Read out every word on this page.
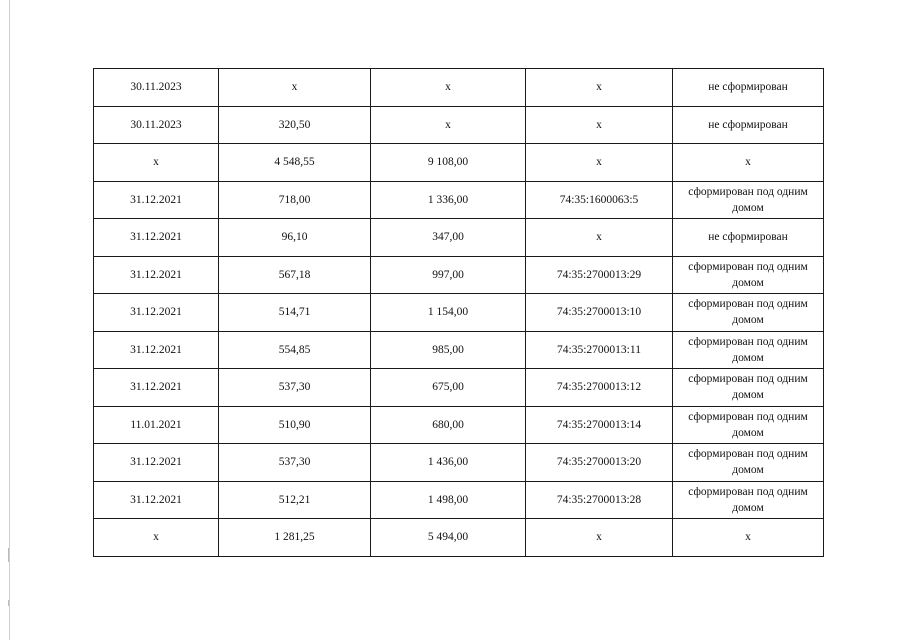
30.11.2023	x	x	x	не сформирован
30.11.2023	320,50	x	x	не сформирован
x	4 548,55	9 108,00	x	x
31.12.2021	718,00	1 336,00	74:35:1600063:5	сформирован под одним домом
31.12.2021	96,10	347,00	x	не сформирован
31.12.2021	567,18	997,00	74:35:2700013:29	сформирован под одним домом
31.12.2021	514,71	1 154,00	74:35:2700013:10	сформирован под одним домом
31.12.2021	554,85	985,00	74:35:2700013:11	сформирован под одним домом
31.12.2021	537,30	675,00	74:35:2700013:12	сформирован под одним домом
11.01.2021	510,90	680,00	74:35:2700013:14	сформирован под одним домом
31.12.2021	537,30	1 436,00	74:35:2700013:20	сформирован под одним домом
31.12.2021	512,21	1 498,00	74:35:2700013:28	сформирован под одним домом
x	1 281,25	5 494,00	x	x
